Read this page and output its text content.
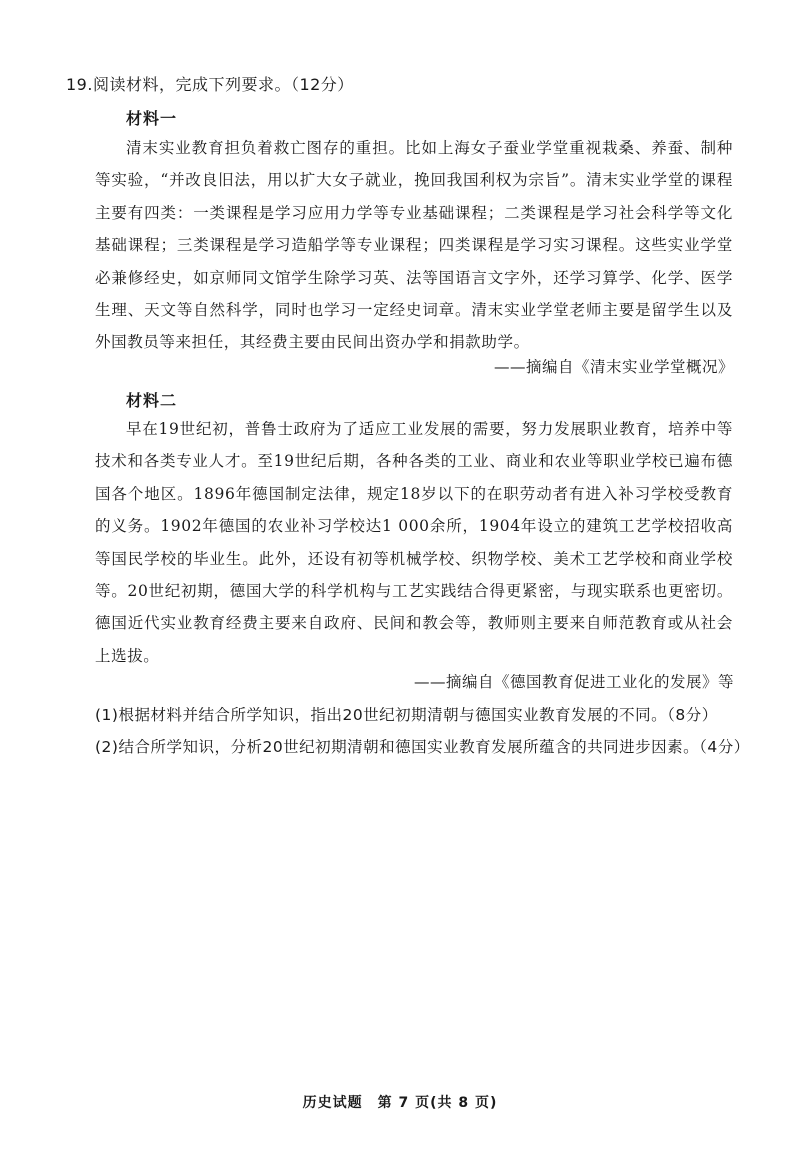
19.阅读材料，完成下列要求。（12分）
材料一
清末实业教育担负着救亡图存的重担。比如上海女子蚕业学堂重视栽桑、养蚕、制种等实验，“并改良旧法，用以扩大女子就业，挽回我国利权为宗旨”。清末实业学堂的课程主要有四类：一类课程是学习应用力学等专业基础课程；二类课程是学习社会科学等文化基础课程；三类课程是学习造船学等专业课程；四类课程是学习实习课程。这些实业学堂必兼修经史，如京师同文馆学生除学习英、法等国语言文字外，还学习算学、化学、医学生理、天文等自然科学，同时也学习一定经史词章。清末实业学堂老师主要是留学生以及外国教员等来担任，其经费主要由民间出资办学和捐款助学。
——摘编自《清末实业学堂概况》
材料二
早在19世纪初，普鲁士政府为了适应工业发展的需要，努力发展职业教育，培养中等技术和各类专业人才。至19世纪后期，各种各类的工业、商业和农业等职业学校已遍布德国各个地区。1896年德国制定法律，规定18岁以下的在职劳动者有进入补习学校受教育的义务。1902年德国的农业补习学校达1 000余所，1904年设立的建筑工艺学校招收高等国民学校的毕业生。此外，还设有初等机械学校、织物学校、美术工艺学校和商业学校等。20世纪初期，德国大学的科学机构与工艺实践结合得更紧密，与现实联系也更密切。德国近代实业教育经费主要来自政府、民间和教会等，教师则主要来自师范教育或从社会上选拔。
——摘编自《德国教育促进工业化的发展》等
(1)根据材料并结合所学知识，指出20世纪初期清朝与德国实业教育发展的不同。（8分）
(2)结合所学知识，分析20世纪初期清朝和德国实业教育发展所蕴含的共同进步因素。（4分）
历史试题　第 7 页(共 8 页)
